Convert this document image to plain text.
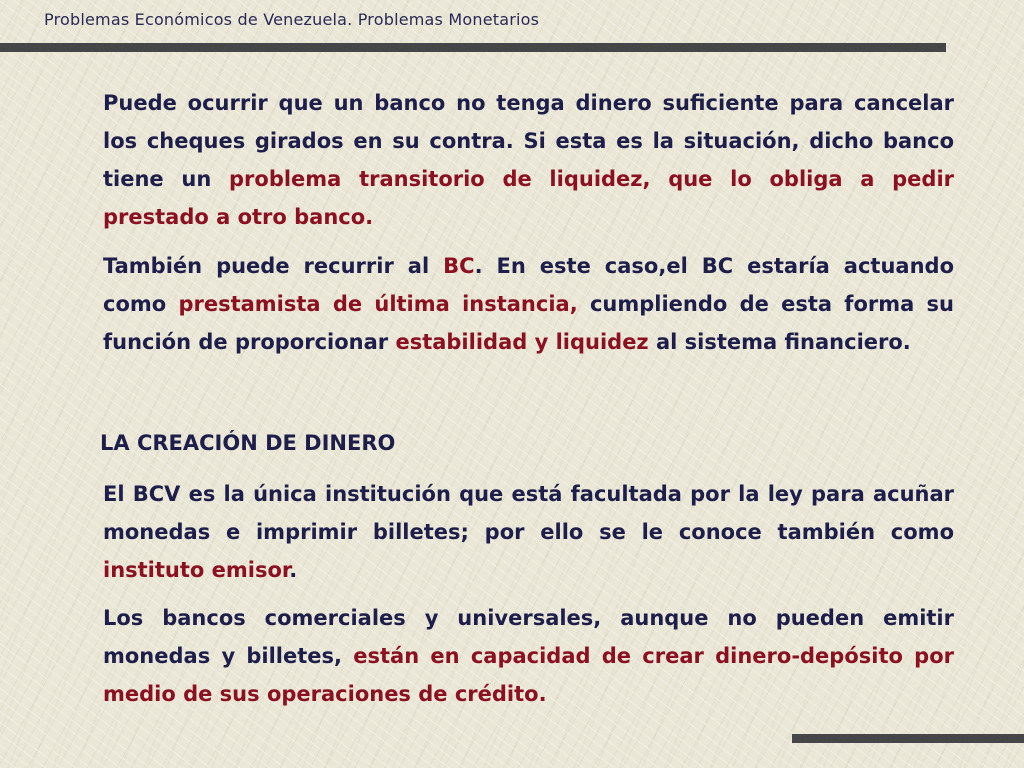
Problemas Económicos de Venezuela. Problemas Monetarios

Puede ocurrir que un banco no tenga dinero suficiente para cancelar los cheques girados en su contra. Si esta es la situación, dicho banco tiene un problema transitorio de liquidez, que lo obliga a pedir prestado a otro banco.

También puede recurrir al BC. En este caso,el BC estaría actuando como prestamista de última instancia, cumpliendo de esta forma su función de proporcionar estabilidad y liquidez al sistema financiero.

LA CREACIÓN DE DINERO

El BCV es la única institución que está facultada por la ley para acuñar monedas e imprimir billetes; por ello se le conoce también como instituto emisor.

Los bancos comerciales y universales, aunque no pueden emitir monedas y billetes, están en capacidad de crear dinero-depósito por medio de sus operaciones de crédito.
